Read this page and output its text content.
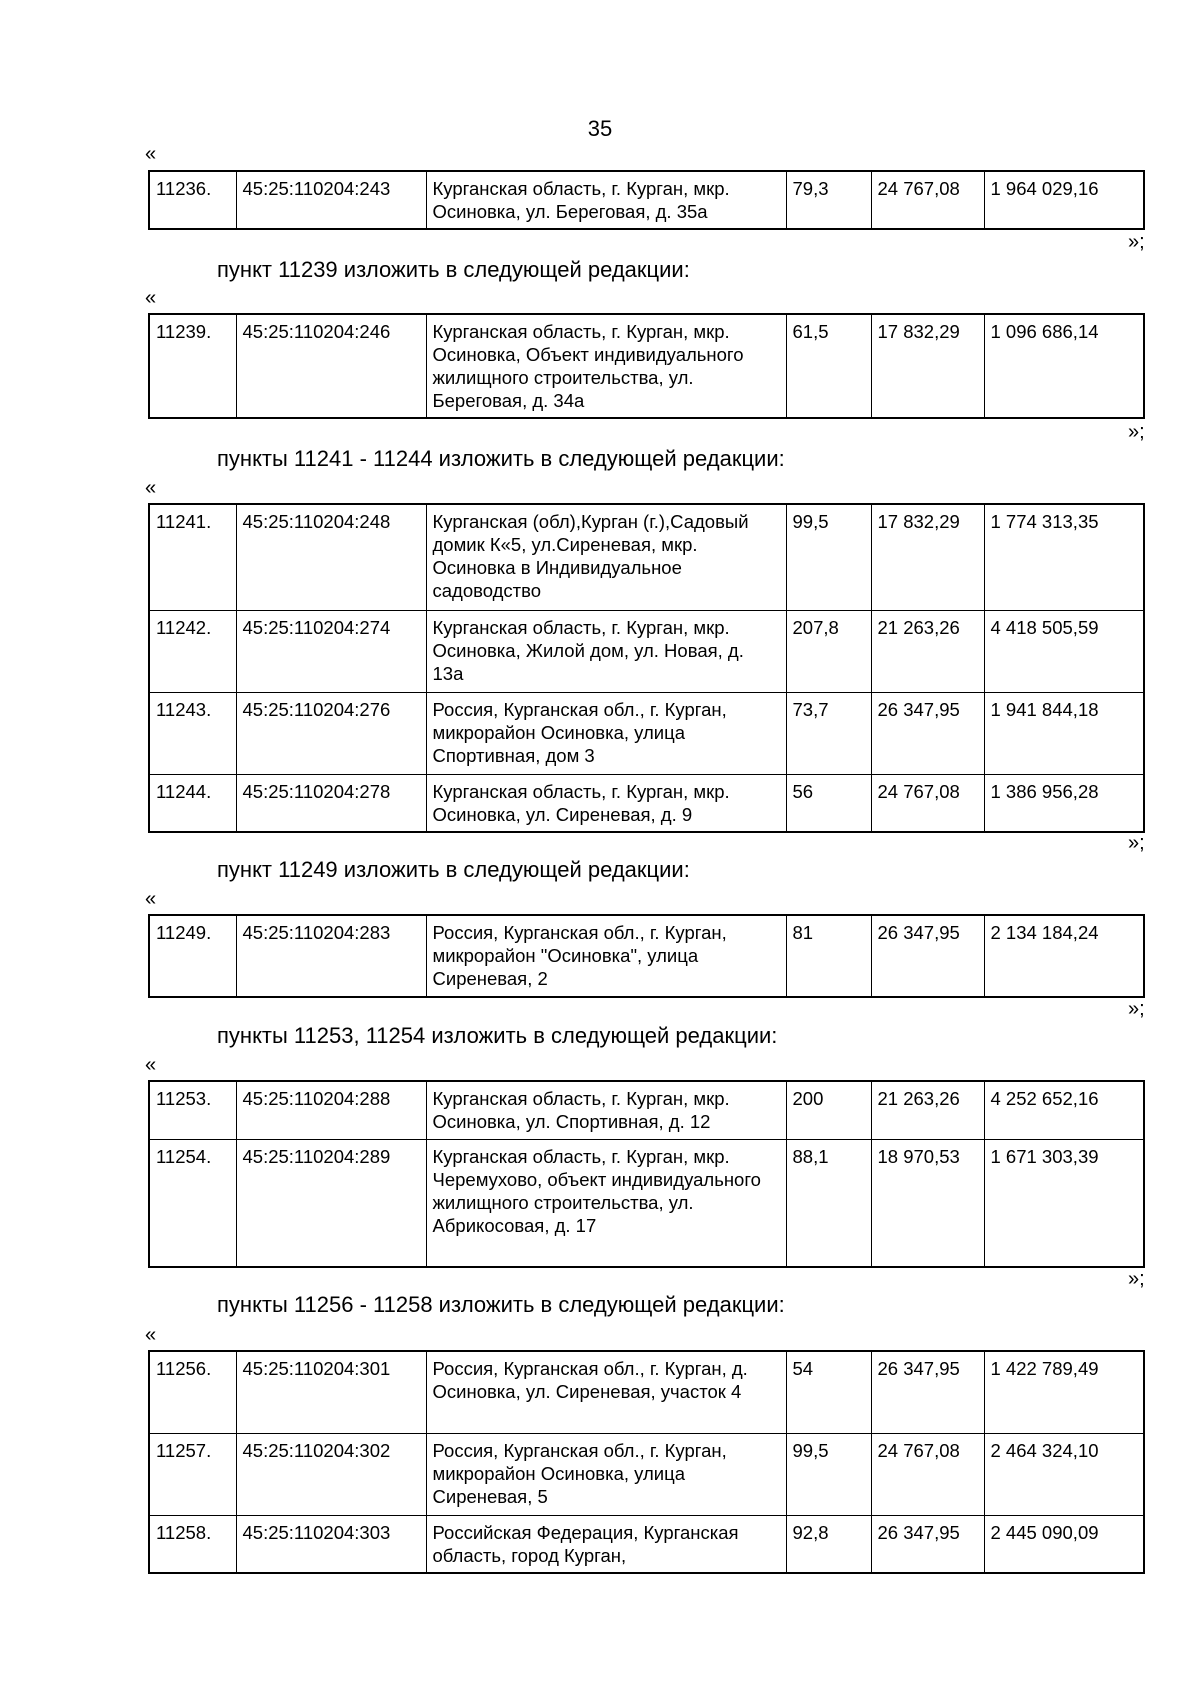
35
«
11236.	45:25:110204:243	Курганская область, г. Курган, мкр. Осиновка, ул. Береговая, д. 35а	79,3	24 767,08	1 964 029,16
»;
пункт 11239 изложить в следующей редакции:
«
11239.	45:25:110204:246	Курганская область, г. Курган, мкр. Осиновка, Объект индивидуального жилищного строительства, ул. Береговая, д. 34а	61,5	17 832,29	1 096 686,14
»;
пункты 11241 - 11244 изложить в следующей редакции:
«
11241.	45:25:110204:248	Курганская (обл),Курган (г.),Садовый домик К«5, ул.Сиреневая, мкр. Осиновка в Индивидуальное садоводство	99,5	17 832,29	1 774 313,35
11242.	45:25:110204:274	Курганская область, г. Курган, мкр. Осиновка, Жилой дом, ул. Новая, д. 13а	207,8	21 263,26	4 418 505,59
11243.	45:25:110204:276	Россия, Курганская обл., г. Курган, микрорайон Осиновка, улица Спортивная, дом 3	73,7	26 347,95	1 941 844,18
11244.	45:25:110204:278	Курганская область, г. Курган, мкр. Осиновка, ул. Сиреневая, д. 9	56	24 767,08	1 386 956,28
»;
пункт 11249 изложить в следующей редакции:
«
11249.	45:25:110204:283	Россия, Курганская обл., г. Курган, микрорайон "Осиновка", улица Сиреневая, 2	81	26 347,95	2 134 184,24
»;
пункты 11253, 11254 изложить в следующей редакции:
«
11253.	45:25:110204:288	Курганская область, г. Курган, мкр. Осиновка, ул. Спортивная, д. 12	200	21 263,26	4 252 652,16
11254.	45:25:110204:289	Курганская область, г. Курган, мкр. Черемухово, объект индивидуального жилищного строительства, ул. Абрикосовая, д. 17	88,1	18 970,53	1 671 303,39
»;
пункты 11256 - 11258 изложить в следующей редакции:
«
11256.	45:25:110204:301	Россия, Курганская обл., г. Курган, д. Осиновка, ул. Сиреневая, участок 4	54	26 347,95	1 422 789,49
11257.	45:25:110204:302	Россия, Курганская обл., г. Курган, микрорайон Осиновка, улица Сиреневая, 5	99,5	24 767,08	2 464 324,10
11258.	45:25:110204:303	Российская Федерация, Курганская область, город Курган,	92,8	26 347,95	2 445 090,09
